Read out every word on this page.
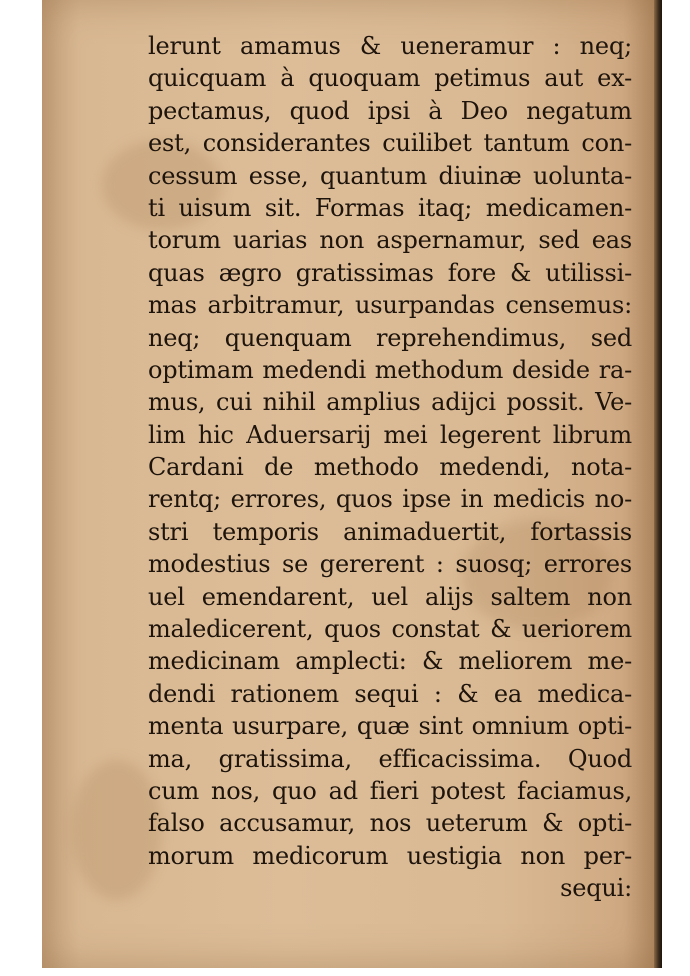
lerunt amamus & ueneramur : neq;
quicquam à quoquam petimus aut ex-
pectamus, quod ipsi à Deo negatum
est, considerantes cuilibet tantum con-
cessum esse, quantum diuinæ uolunta-
ti uisum sit. Formas itaq; medicamen-
torum uarias non aspernamur, sed eas
quas ægro gratissimas fore & utilissi-
mas arbitramur, usurpandas censemus:
neq; quenquam reprehendimus, sed
optimam medendi methodum deside ra-
mus, cui nihil amplius adijci possit. Ve-
lim hic Aduersarij mei legerent librum
Cardani de methodo medendi, nota-
rentq; errores, quos ipse in medicis no-
stri temporis animaduertit, fortassis
modestius se gererent : suosq; errores
uel emendarent, uel alijs saltem non
maledicerent, quos constat & ueriorem
medicinam amplecti: & meliorem me-
dendi rationem sequi : & ea medica-
menta usurpare, quæ sint omnium opti-
ma, gratissima, efficacissima. Quod
cum nos, quo ad fieri potest faciamus,
falso accusamur, nos ueterum & opti-
morum medicorum uestigia non per-
sequi:
